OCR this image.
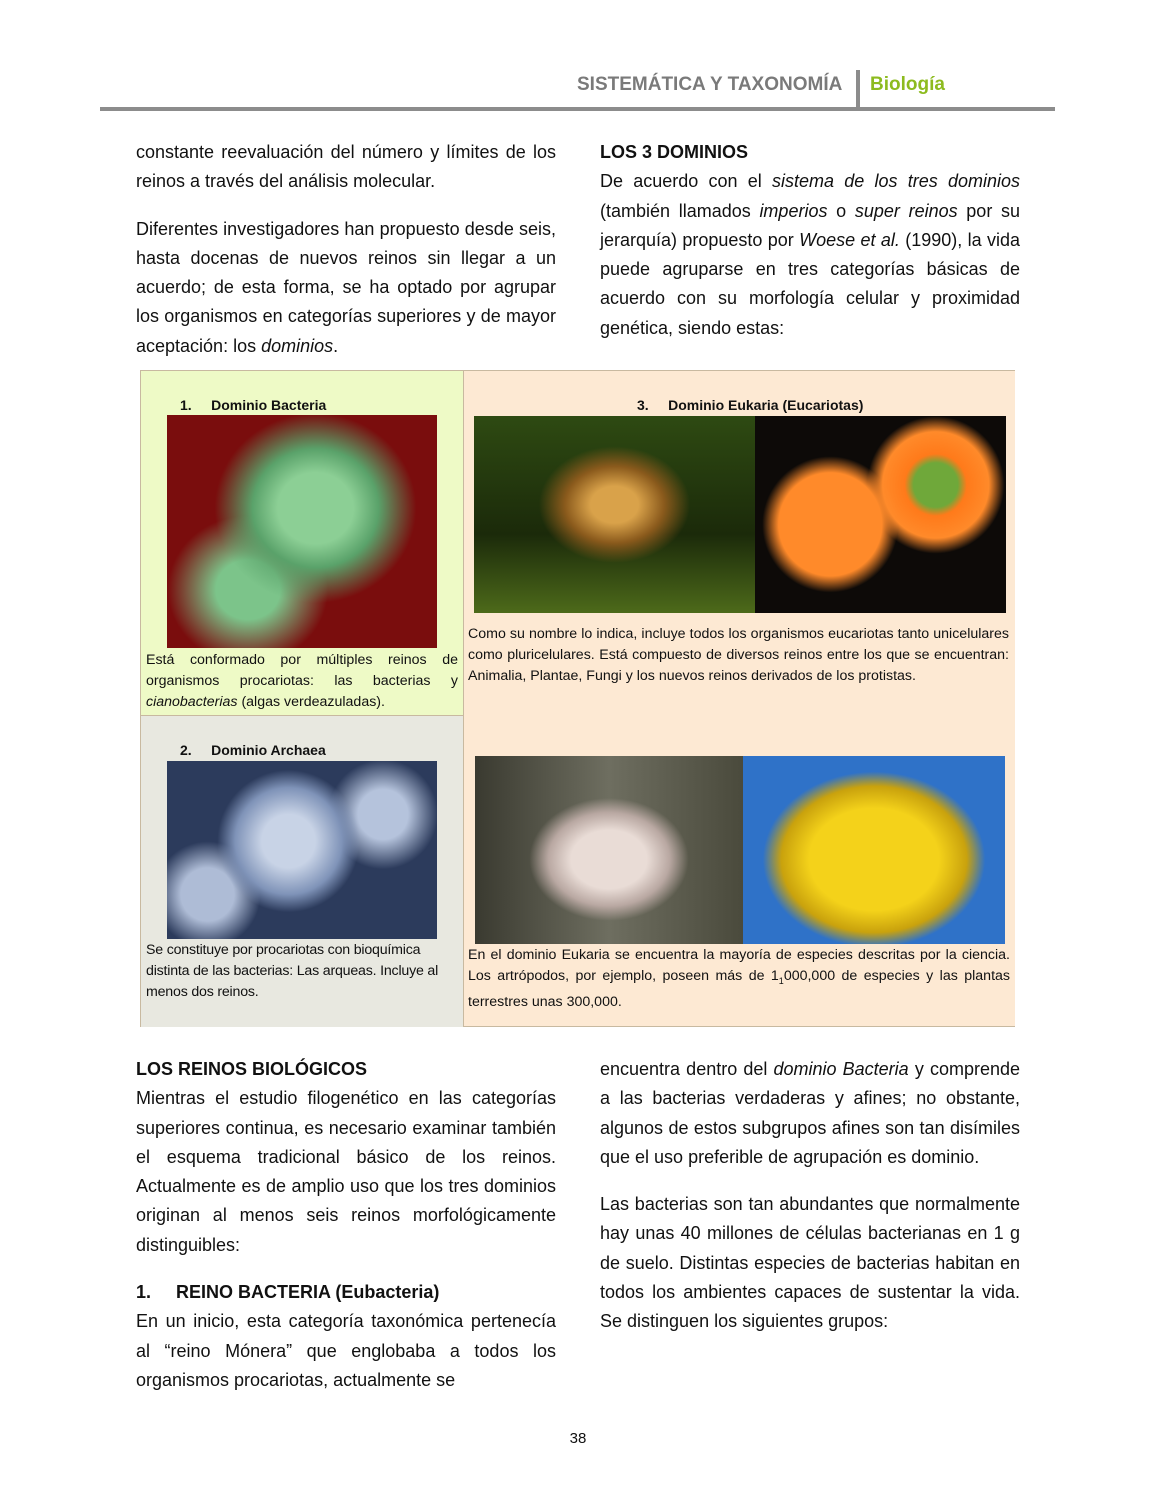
SISTEMÁTICA Y TAXONOMÍA Biología

constante reevaluación del número y límites de los reinos a través del análisis molecular.

Diferentes investigadores han propuesto desde seis, hasta docenas de nuevos reinos sin llegar a un acuerdo; de esta forma, se ha optado por agrupar los organismos en categorías superiores y de mayor aceptación: los dominios.

LOS 3 DOMINIOS

De acuerdo con el sistema de los tres dominios (también llamados imperios o super reinos por su jerarquía) propuesto por Woese et al. (1990), la vida puede agruparse en tres categorías básicas de acuerdo con su morfología celular y proximidad genética, siendo estas:

1.     Dominio Bacteria
Está conformado por múltiples reinos de organismos procariotas: las bacterias y cianobacterias (algas verdeazuladas).
2.     Dominio Archaea
Se constituye por procariotas con bioquímica distinta de las bacterias: Las arqueas. Incluye al menos dos reinos.
3.     Dominio Eukaria (Eucariotas)
Como su nombre lo indica, incluye todos los organismos eucariotas tanto unicelulares como pluricelulares. Está compuesto de diversos reinos entre los que se encuentran: Animalia, Plantae, Fungi y los nuevos reinos derivados de los protistas.
En el dominio Eukaria se encuentra la mayoría de especies descritas por la ciencia. Los artrópodos, por ejemplo, poseen más de $1_1000,000$ de especies y las plantas terrestres unas 300,000.
LOS REINOS BIOLÓGICOS

Mientras el estudio filogenético en las categorías superiores continua, es necesario examinar también el esquema tradicional básico de los reinos. Actualmente es de amplio uso que los tres dominios originan al menos seis reinos morfológicamente distinguibles:

1.     REINO BACTERIA (Eubacteria)

En un inicio, esta categoría taxonómica pertenecía al “reino Mónera” que englobaba a todos los organismos procariotas, actualmente se

encuentra dentro del dominio Bacteria y comprende a las bacterias verdaderas y afines; no obstante, algunos de estos subgrupos afines son tan disímiles que el uso preferible de agrupación es dominio.

Las bacterias son tan abundantes que normalmente hay unas 40 millones de células bacterianas en 1 g de suelo. Distintas especies de bacterias habitan en todos los ambientes capaces de sustentar la vida. Se distinguen los siguientes grupos:

38
